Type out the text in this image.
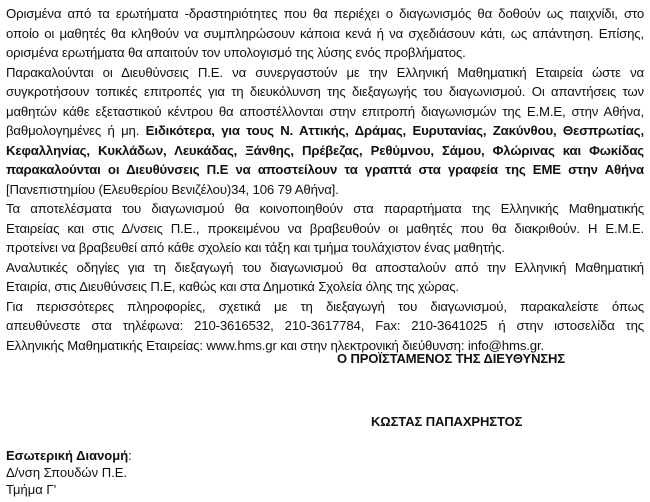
Ορισμένα από τα ερωτήματα -δραστηριότητες που θα περιέχει ο διαγωνισμός θα δοθούν ως παιχνίδι, στο
οποίο οι μαθητές θα κληθούν να συμπληρώσουν κάποια κενά ή να σχεδιάσουν κάτι, ως απάντηση. Επίσης,
ορισμένα ερωτήματα θα απαιτούν τον υπολογισμό της λύσης ενός προβλήματος.
Παρακαλούνται οι Διευθύνσεις Π.Ε. να συνεργαστούν με την Ελληνική Μαθηματική Εταιρεία ώστε να
συγκροτήσουν τοπικές επιτροπές για τη διευκόλυνση της διεξαγωγής του διαγωνισμού. Οι απαντήσεις των
μαθητών κάθε εξεταστικού κέντρου θα αποστέλλονται στην επιτροπή διαγωνισμών της Ε.Μ.Ε, στην Αθήνα,
βαθμολογημένες ή μη. Ειδικότερα, για τους Ν. Αττικής, Δράμας, Ευρυτανίας, Ζακύνθου, Θεσπρωτίας,
Κεφαλληνίας, Κυκλάδων, Λευκάδας, Ξάνθης, Πρέβεζας, Ρεθύμνου, Σάμου, Φλώρινας και Φωκίδας
παρακαλούνται οι Διευθύνσεις Π.Ε να αποστείλουν τα γραπτά στα γραφεία της ΕΜΕ στην Αθήνα
[Πανεπιστημίου (Ελευθερίου Βενιζέλου)34, 106 79 Αθήνα].
Τα αποτελέσματα του διαγωνισμού θα κοινοποιηθούν στα παραρτήματα της Ελληνικής Μαθηματικής
Εταιρείας και στις Δ/νσεις Π.Ε., προκειμένου να βραβευθούν οι μαθητές που θα διακριθούν. Η Ε.Μ.Ε.
προτείνει να βραβευθεί από κάθε σχολείο και τάξη και τμήμα τουλάχιστον ένας μαθητής.
Αναλυτικές οδηγίες για τη διεξαγωγή του διαγωνισμού θα αποσταλούν από την Ελληνική Μαθηματική
Εταιρία, στις Διευθύνσεις Π.Ε, καθώς και στα Δημοτικά Σχολεία όλης της χώρας.
Για περισσότερες πληροφορίες, σχετικά με τη διεξαγωγή του διαγωνισμού, παρακαλείστε όπως
απευθύνεστε στα τηλέφωνα: 210-3616532, 210-3617784, Fax: 210-3641025 ή στην ιστοσελίδα της
Ελληνικής Μαθηματικής Εταιρείας: www.hms.gr και στην ηλεκτρονική διεύθυνση: info@hms.gr.
Ο ΠΡΟΪΣΤΑΜΕΝΟΣ ΤΗΣ ΔΙΕΥΘΥΝΣΗΣ
ΚΩΣΤΑΣ ΠΑΠΑΧΡΗΣΤΟΣ
Εσωτερική Διανομή:
Δ/νση Σπουδών Π.Ε.
Τμήμα Γ’
